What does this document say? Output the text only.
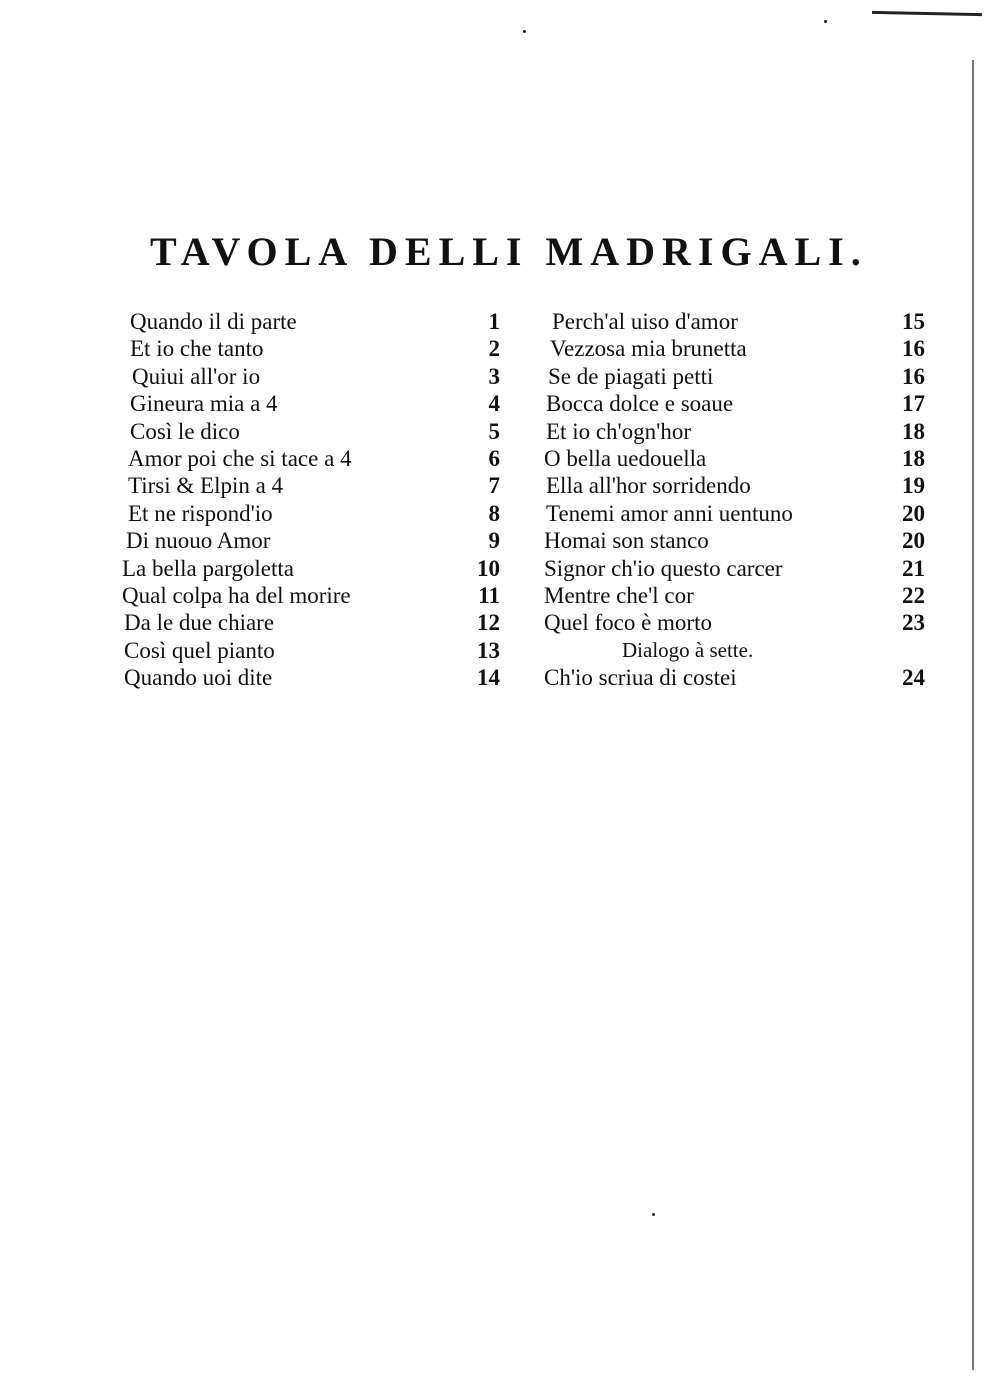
TAVOLA DELLI MADRIGALI.
Quando il di parte	1
Et io che tanto	2
Quiui all'or io	3
Gineura mia a 4	4
Così le dico	5
Amor poi che si tace a 4	6
Tirsi & Elpin a 4	7
Et ne rispond'io	8
Di nuouo Amor	9
La bella pargoletta	10
Qual colpa ha del morire	11
Da le due chiare	12
Così quel pianto	13
Quando uoi dite	14
Perch'al uiso d'amor	15
Vezzosa mia brunetta	16
Se de piagati petti	16
Bocca dolce e soaue	17
Et io ch'ogn'hor	18
O bella uedouella	18
Ella all'hor sorridendo	19
Tenemi amor anni uentuno	20
Homai son stanco	20
Signor ch'io questo carcer	21
Mentre che'l cor	22
Quel foco è morto	23
Dialogo à sette.
Ch'io scriua di costei	24
